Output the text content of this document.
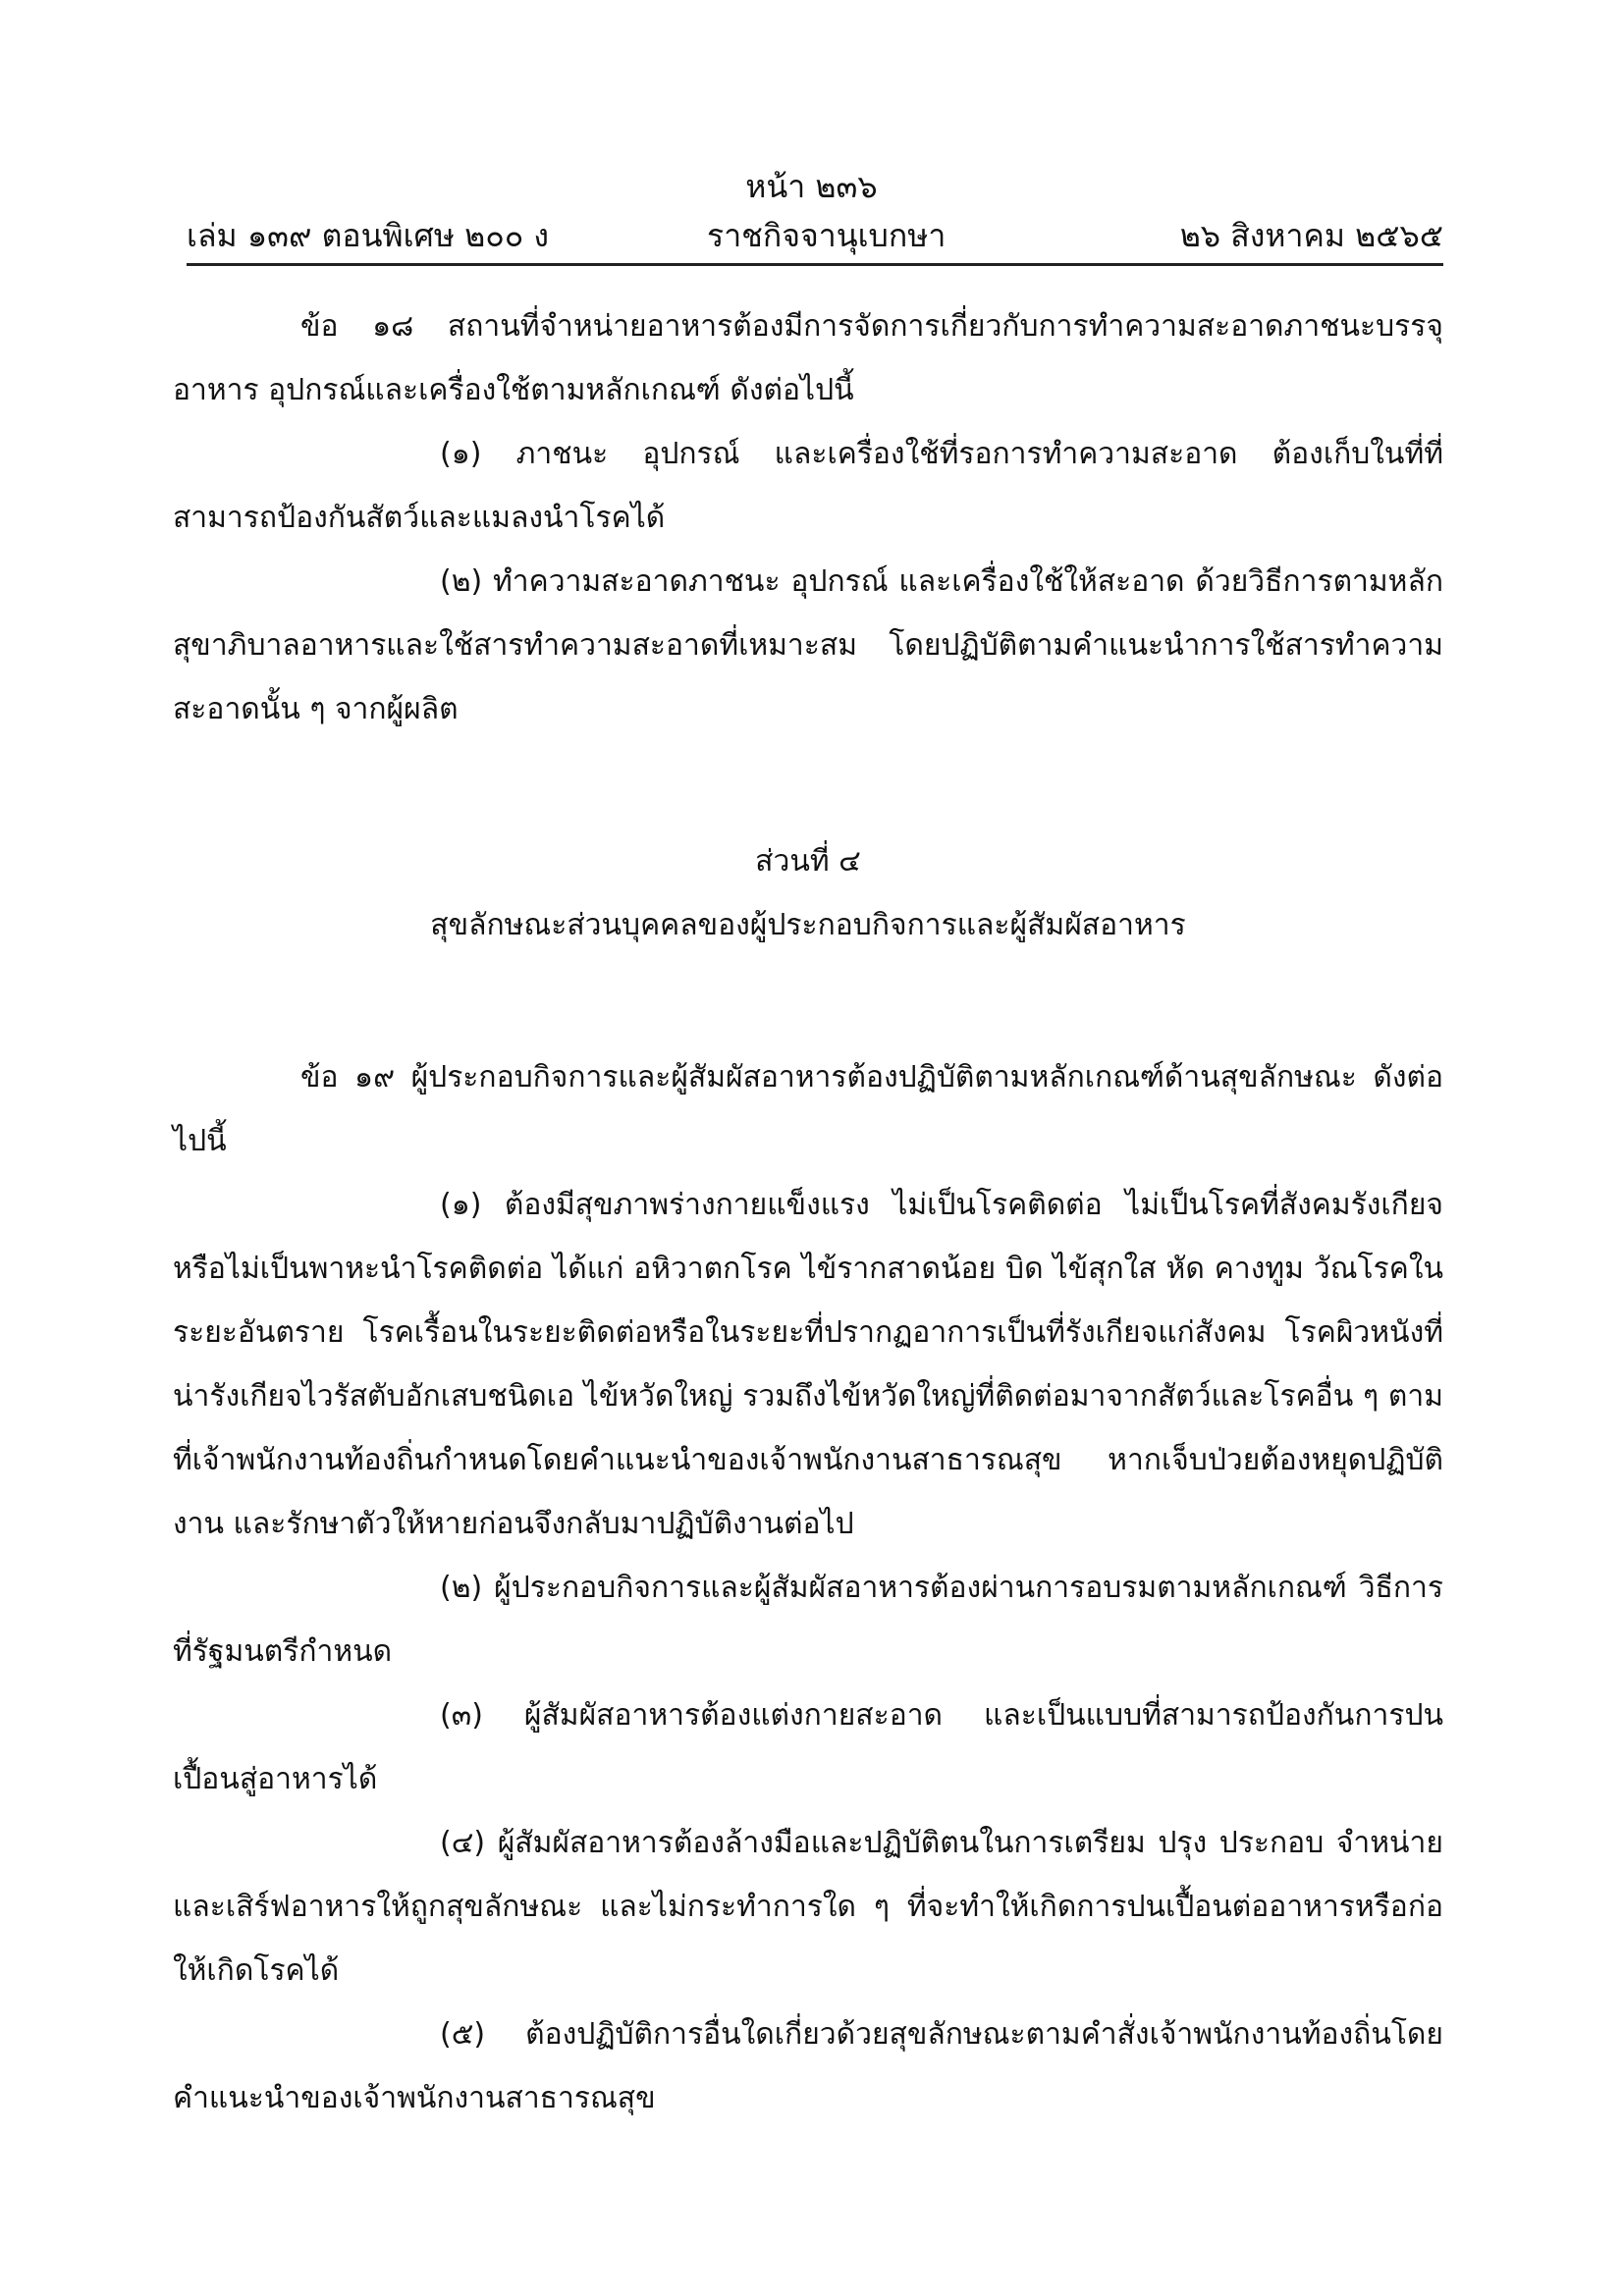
หน้า ๒๓๖
เล่ม ๑๓๙ ตอนพิเศษ ๒๐๐ ง	ราชกิจจานุเบกษา	๒๖ สิงหาคม ๒๕๖๕

ข้อ ๑๘ สถานที่จำหน่ายอาหารต้องมีการจัดการเกี่ยวกับการทำความสะอาดภาชนะบรรจุอาหาร อุปกรณ์และเครื่องใช้ตามหลักเกณฑ์ ดังต่อไปนี้

(๑) ภาชนะ อุปกรณ์ และเครื่องใช้ที่รอการทำความสะอาด ต้องเก็บในที่ที่สามารถป้องกันสัตว์และแมลงนำโรคได้

(๒) ทำความสะอาดภาชนะ อุปกรณ์ และเครื่องใช้ให้สะอาด ด้วยวิธีการตามหลักสุขาภิบาลอาหารและใช้สารทำความสะอาดที่เหมาะสม โดยปฏิบัติตามคำแนะนำการใช้สารทำความสะอาดนั้น ๆ จากผู้ผลิต

ส่วนที่ ๔

สุขลักษณะส่วนบุคคลของผู้ประกอบกิจการและผู้สัมผัสอาหาร

ข้อ ๑๙ ผู้ประกอบกิจการและผู้สัมผัสอาหารต้องปฏิบัติตามหลักเกณฑ์ด้านสุขลักษณะ ดังต่อไปนี้

(๑) ต้องมีสุขภาพร่างกายแข็งแรง ไม่เป็นโรคติดต่อ ไม่เป็นโรคที่สังคมรังเกียจ หรือไม่เป็นพาหะนำโรคติดต่อ ได้แก่ อหิวาตกโรค ไข้รากสาดน้อย บิด ไข้สุกใส หัด คางทูม วัณโรคในระยะอันตราย โรคเรื้อนในระยะติดต่อหรือในระยะที่ปรากฏอาการเป็นที่รังเกียจแก่สังคม โรคผิวหนังที่น่ารังเกียจไวรัสตับอักเสบชนิดเอ ไข้หวัดใหญ่ รวมถึงไข้หวัดใหญ่ที่ติดต่อมาจากสัตว์และโรคอื่น ๆ ตามที่เจ้าพนักงานท้องถิ่นกำหนดโดยคำแนะนำของเจ้าพนักงานสาธารณสุข หากเจ็บป่วยต้องหยุดปฏิบัติงาน และรักษาตัวให้หายก่อนจึงกลับมาปฏิบัติงานต่อไป

(๒) ผู้ประกอบกิจการและผู้สัมผัสอาหารต้องผ่านการอบรมตามหลักเกณฑ์ วิธีการที่รัฐมนตรีกำหนด

(๓) ผู้สัมผัสอาหารต้องแต่งกายสะอาด และเป็นแบบที่สามารถป้องกันการปนเปื้อนสู่อาหารได้

(๔) ผู้สัมผัสอาหารต้องล้างมือและปฏิบัติตนในการเตรียม ปรุง ประกอบ จำหน่าย และเสิร์ฟอาหารให้ถูกสุขลักษณะ และไม่กระทำการใด ๆ ที่จะทำให้เกิดการปนเปื้อนต่ออาหารหรือก่อให้เกิดโรคได้

(๕) ต้องปฏิบัติการอื่นใดเกี่ยวด้วยสุขลักษณะตามคำสั่งเจ้าพนักงานท้องถิ่นโดยคำแนะนำของเจ้าพนักงานสาธารณสุข
